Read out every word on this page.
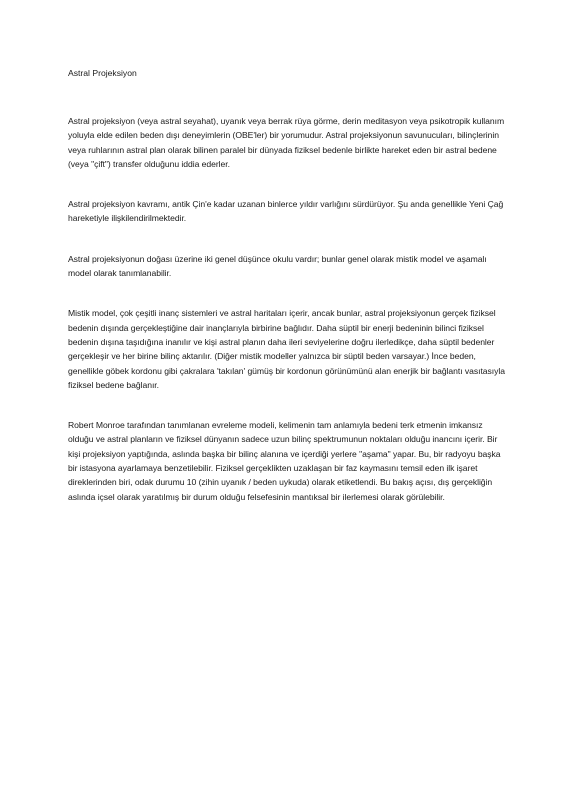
Astral Projeksiyon

Astral projeksiyon (veya astral seyahat), uyanık veya berrak rüya görme, derin meditasyon veya psikotropik kullanım yoluyla elde edilen beden dışı deneyimlerin (OBE'ler) bir yorumudur. Astral projeksiyonun savunucuları, bilinçlerinin veya ruhlarının astral plan olarak bilinen paralel bir dünyada fiziksel bedenle birlikte hareket eden bir astral bedene (veya "çift") transfer olduğunu iddia ederler.

Astral projeksiyon kavramı, antik Çin'e kadar uzanan binlerce yıldır varlığını sürdürüyor. Şu anda genellikle Yeni Çağ hareketiyle ilişkilendirilmektedir.

Astral projeksiyonun doğası üzerine iki genel düşünce okulu vardır; bunlar genel olarak mistik model ve aşamalı model olarak tanımlanabilir.

Mistik model, çok çeşitli inanç sistemleri ve astral haritaları içerir, ancak bunlar, astral projeksiyonun gerçek fiziksel bedenin dışında gerçekleştiğine dair inançlarıyla birbirine bağlıdır. Daha süptil bir enerji bedeninin bilinci fiziksel bedenin dışına taşıdığına inanılır ve kişi astral planın daha ileri seviyelerine doğru ilerledikçe, daha süptil bedenler gerçekleşir ve her birine bilinç aktarılır. (Diğer mistik modeller yalnızca bir süptil beden varsayar.) İnce beden, genellikle göbek kordonu gibi çakralara 'takılan' gümüş bir kordonun görünümünü alan enerjik bir bağlantı vasıtasıyla fiziksel bedene bağlanır.

Robert Monroe tarafından tanımlanan evreleme modeli, kelimenin tam anlamıyla bedeni terk etmenin imkansız olduğu ve astral planların ve fiziksel dünyanın sadece uzun bilinç spektrumunun noktaları olduğu inancını içerir. Bir kişi projeksiyon yaptığında, aslında başka bir bilinç alanına ve içerdiği yerlere "aşama" yapar. Bu, bir radyoyu başka bir istasyona ayarlamaya benzetilebilir. Fiziksel gerçeklikten uzaklaşan bir faz kaymasını temsil eden ilk işaret direklerinden biri, odak durumu 10 (zihin uyanık / beden uykuda) olarak etiketlendi. Bu bakış açısı, dış gerçekliğin aslında içsel olarak yaratılmış bir durum olduğu felsefesinin mantıksal bir ilerlemesi olarak görülebilir.
